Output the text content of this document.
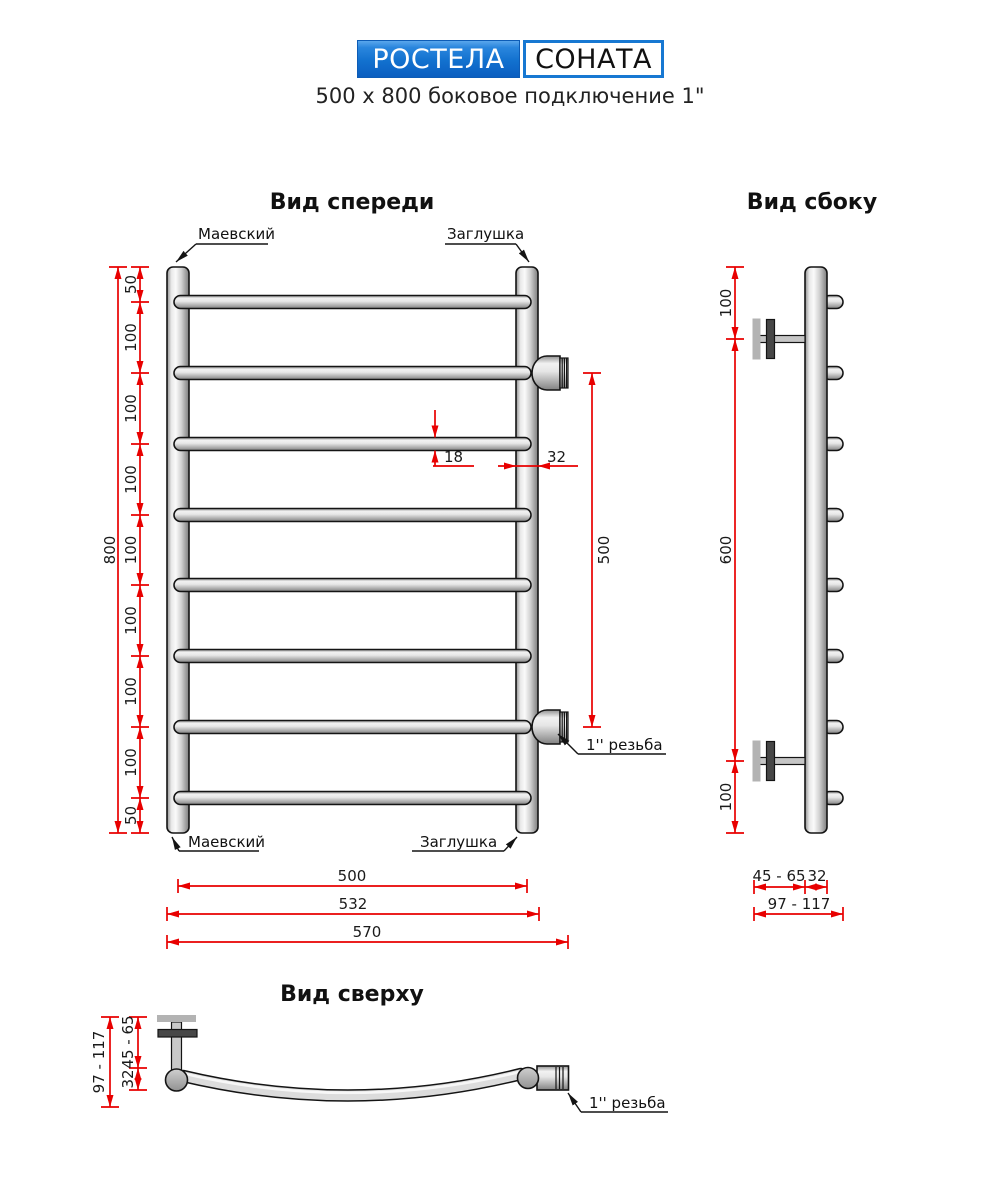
РОСТЕЛА СОНАТА
500 x 800 боковое подключение 1"
Вид спереди
800
50
100
100
100
100
100
100
100
50
18	32
500
Маевский	Заглушка
Маевский	Заглушка
1'' резьба
500
532
570
Вид сбоку
100
600
100
45 - 65 32
97 - 117
Вид сверху
1'' резьба
97 - 117 45 - 65
32
